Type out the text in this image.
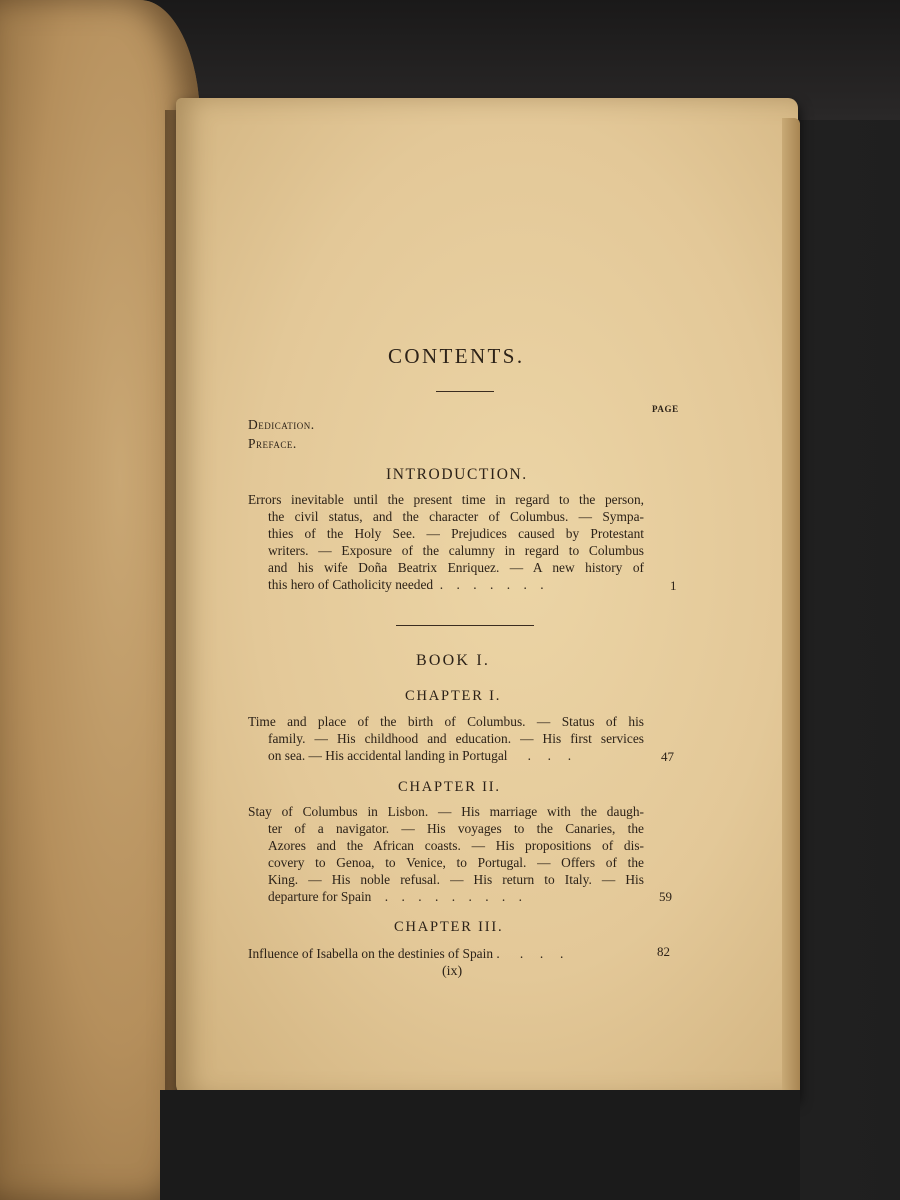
CONTENTS.
PAGE
Dedication.
Preface.
INTRODUCTION.
Errors inevitable until the present time in regard to the person,
the civil status, and the character of Columbus. — Sympa-
thies of the Holy See. — Prejudices caused by Protestant
writers. — Exposure of the calumny in regard to Columbus
and his wife Doña Beatrix Enriquez. — A new history of
this hero of Catholicity needed  .    .    .    .    .    .    .	1
BOOK I.
CHAPTER I.
Time and place of the birth of Columbus. — Status of his
family. — His childhood and education. — His first services
on sea. — His accidental landing in Portugal      .     .     .	47
CHAPTER II.
Stay of Columbus in Lisbon. — His marriage with the daugh-
ter of a navigator. — His voyages to the Canaries, the
Azores and the African coasts. — His propositions of dis-
covery to Genoa, to Venice, to Portugal. — Offers of the
King. — His noble refusal. — His return to Italy. — His
departure for Spain    .    .    .    .    .    .    .    .    .	59
CHAPTER III.
Influence of Isabella on the destinies of Spain .      .     .     .	82
(ix)
